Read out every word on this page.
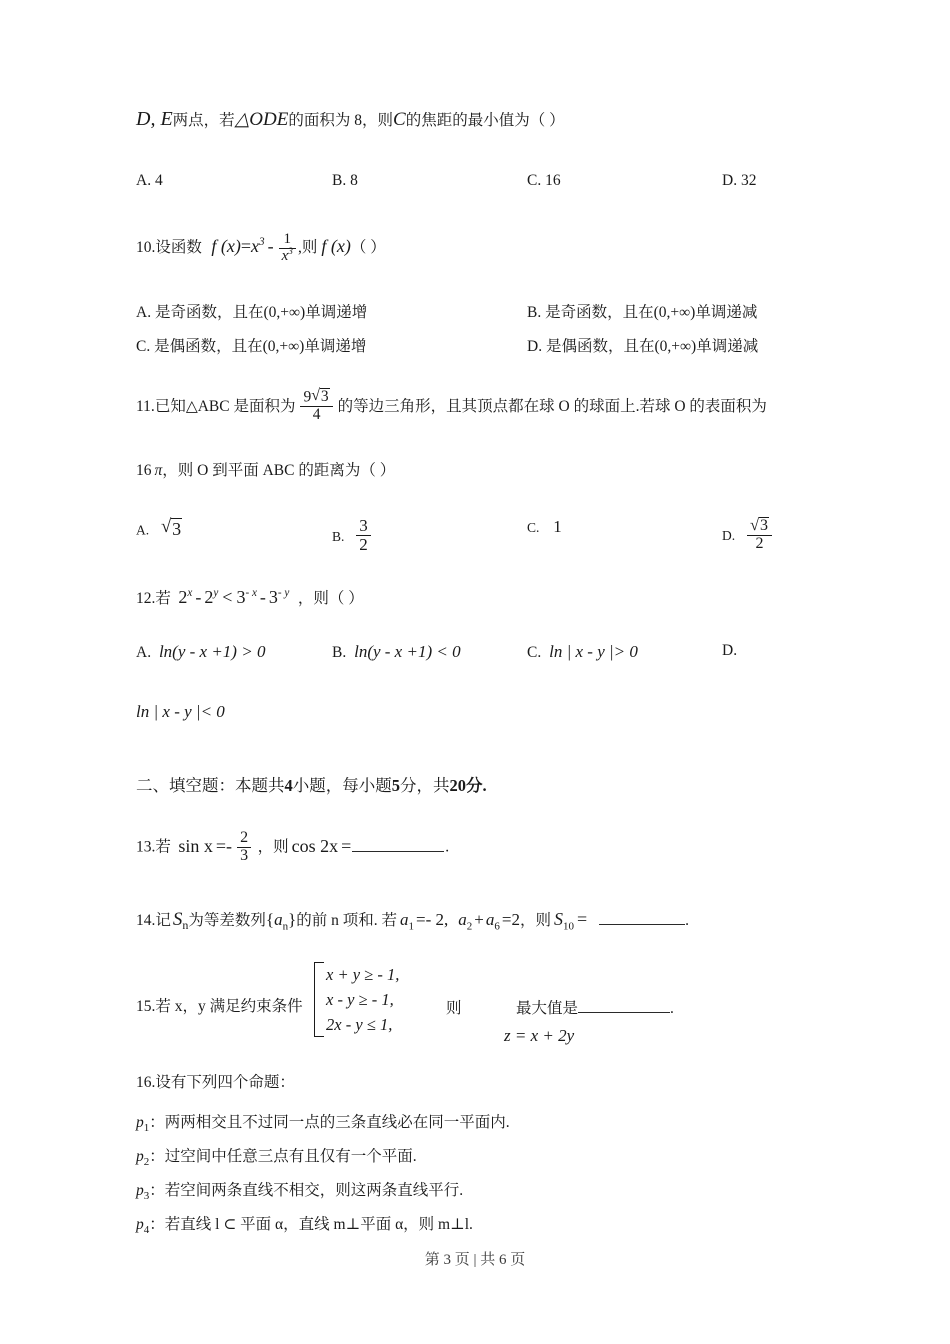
D, E两点，若△ODE的面积为 8，则C的焦距的最小值为（ ）
A. 4	B. 8	C. 16	D. 32
10.设函数 f $(x)=x^3 - \frac{1}{x^3}$ ,则 f (x)（ ）
A. 是奇函数，且在(0,+∞)单调递增	B. 是奇函数，且在(0,+∞)单调递减
C. 是偶函数，且在(0,+∞)单调递增	D. 是偶函数，且在(0,+∞)单调递减
11.已知△ABC 是面积为 $\frac{9 √ 3}{4}$ 的等边三角形，且其顶点都在球 O 的球面上.若球 O 的表面积为
16 π，则 O 到平面 ABC 的距离为（ ）
A. √ 3	B. $\frac{3}{2}$	C. 1	D. √ $\frac{3}{2}$
12.若 $2^x - 2^y < 3^{- x} - 3^{- y}$ ，则（ ）
A. ln(y - x +1) > 0	B. ln(y - x +1) < 0	C. ln | x - y |> 0	D.
ln | x - y |< 0
二、填空题：本题共4小题，每小题5分，共20分.
13.若 $\sin x =- \frac{2}{3}$ ，则 cos 2x =	.
14.记 $S_n$为等差数列$\{a_n\}$的前 n 项和. 若 $a_1 =- 2$, $a_2 + a_6 =2$，则 $S_{10}$ =	.
15.若 x，y 满足约束条件
x + y ≥ - 1,
x - y ≥ - 1,
2x - y ≤ 1,
则
z = x + 2y
最大值是	.
16.设有下列四个命题：
$p_1$：两两相交且不过同一点的三条直线必在同一平面内.
$p_2$：过空间中任意三点有且仅有一个平面.
$p_3$：若空间两条直线不相交，则这两条直线平行.
$p_4$：若直线 l ⊂ 平面 α，直线 m⊥平面 α，则 m⊥l.
第 3 页 | 共 6 页
